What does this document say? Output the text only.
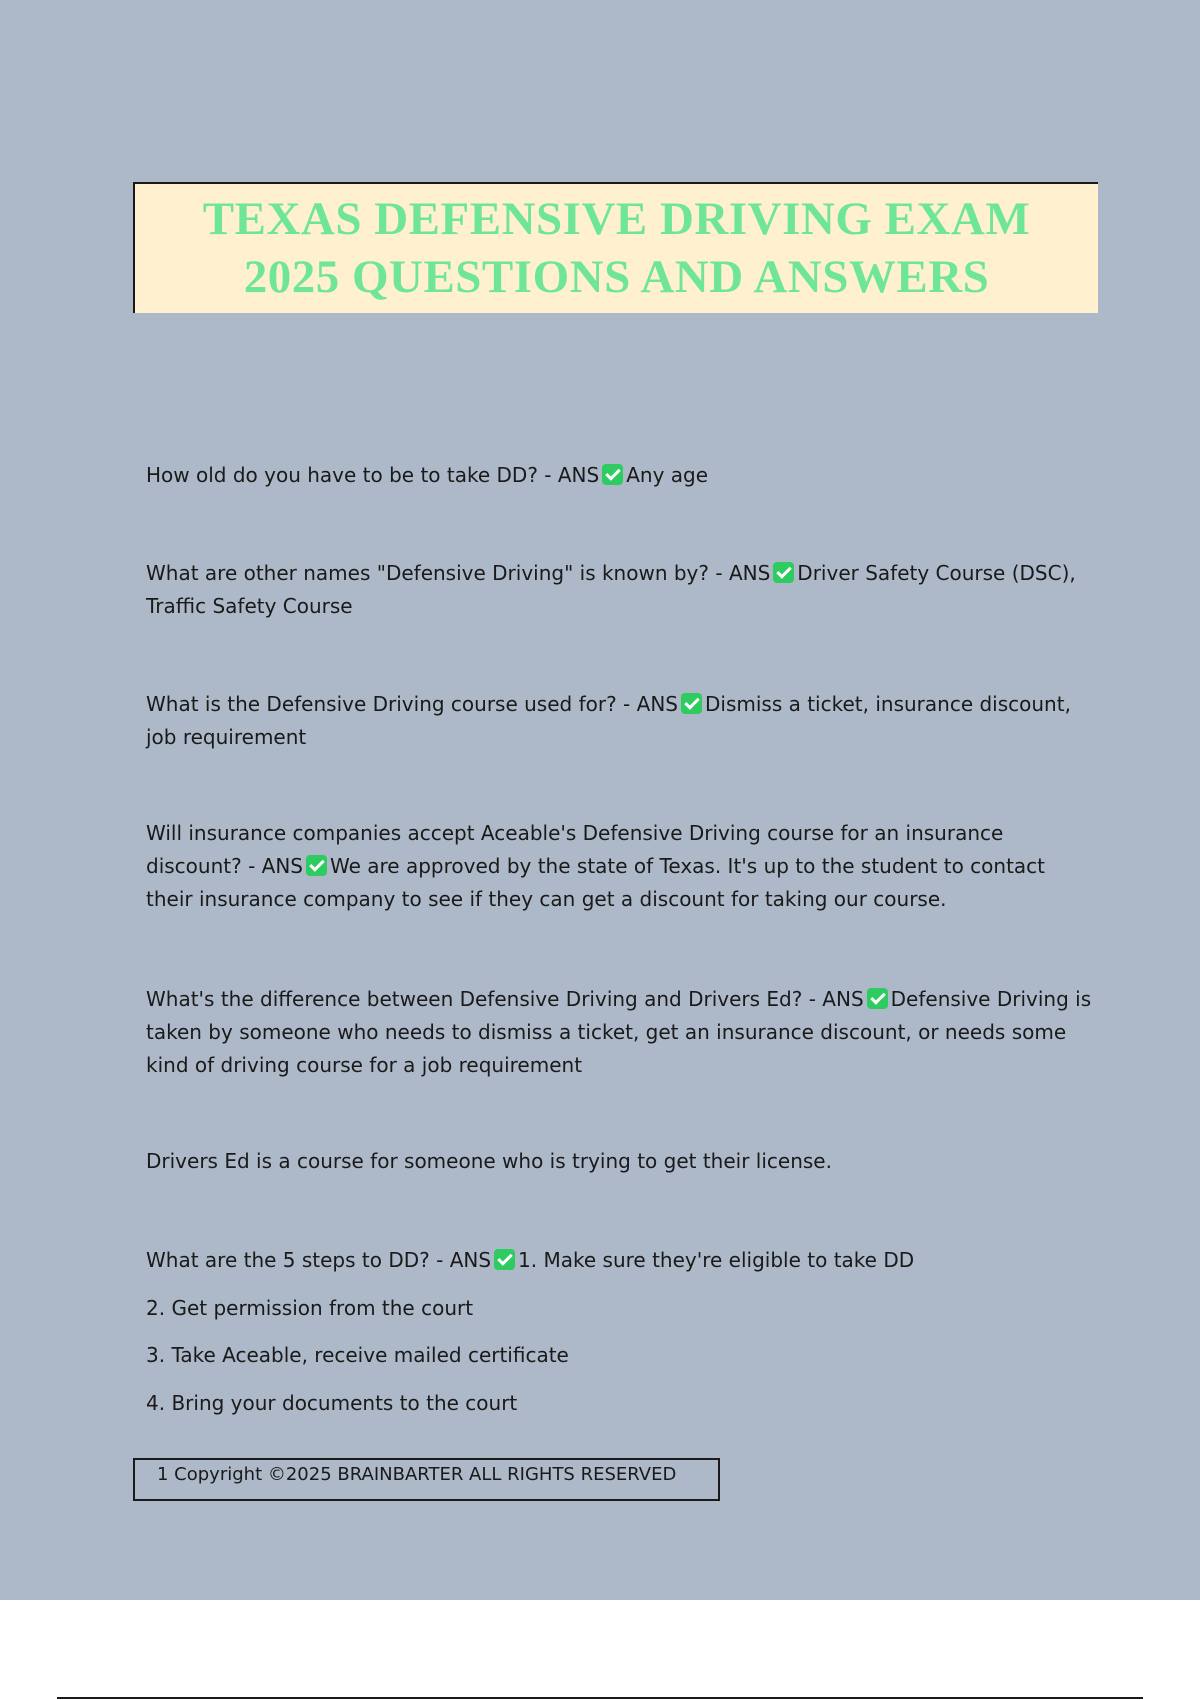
TEXAS DEFENSIVE DRIVING EXAM
2025 QUESTIONS AND ANSWERS

How old do you have to be to take DD? - ANS Any age

What are other names "Defensive Driving" is known by? - ANS Driver Safety Course (DSC), Traffic Safety Course

What is the Defensive Driving course used for? - ANS Dismiss a ticket, insurance discount, job requirement

Will insurance companies accept Aceable's Defensive Driving course for an insurance discount? - ANS We are approved by the state of Texas. It's up to the student to contact their insurance company to see if they can get a discount for taking our course.

What's the difference between Defensive Driving and Drivers Ed? - ANS Defensive Driving is taken by someone who needs to dismiss a ticket, get an insurance discount, or needs some kind of driving course for a job requirement

Drivers Ed is a course for someone who is trying to get their license.

What are the 5 steps to DD? - ANS 1. Make sure they're eligible to take DD

2. Get permission from the court

3. Take Aceable, receive mailed certificate

4. Bring your documents to the court

1 Copyright ©2025 BRAINBARTER ALL RIGHTS RESERVED
